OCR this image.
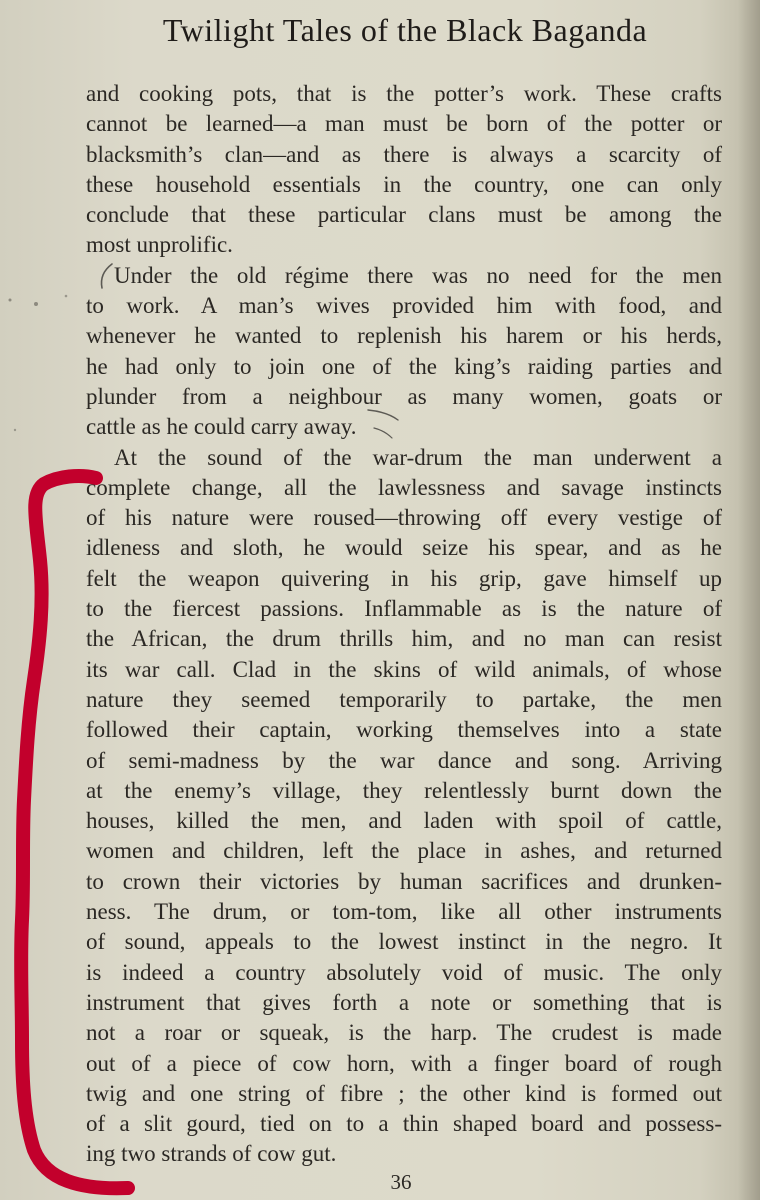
Twilight Tales of the Black Baganda
and cooking pots, that is the potter’s work. These crafts
cannot be learned—a man must be born of the potter or
blacksmith’s clan—and as there is always a scarcity of
these household essentials in the country, one can only
conclude that these particular clans must be among the
most unprolific.
Under the old régime there was no need for the men
to work. A man’s wives provided him with food, and
whenever he wanted to replenish his harem or his herds,
he had only to join one of the king’s raiding parties and
plunder from a neighbour as many women, goats or
cattle as he could carry away.
At the sound of the war-drum the man underwent a
complete change, all the lawlessness and savage instincts
of his nature were roused—throwing off every vestige of
idleness and sloth, he would seize his spear, and as he
felt the weapon quivering in his grip, gave himself up
to the fiercest passions. Inflammable as is the nature of
the African, the drum thrills him, and no man can resist
its war call. Clad in the skins of wild animals, of whose
nature they seemed temporarily to partake, the men
followed their captain, working themselves into a state
of semi-madness by the war dance and song. Arriving
at the enemy’s village, they relentlessly burnt down the
houses, killed the men, and laden with spoil of cattle,
women and children, left the place in ashes, and returned
to crown their victories by human sacrifices and drunken-
ness. The drum, or tom-tom, like all other instruments
of sound, appeals to the lowest instinct in the negro. It
is indeed a country absolutely void of music. The only
instrument that gives forth a note or something that is
not a roar or squeak, is the harp. The crudest is made
out of a piece of cow horn, with a finger board of rough
twig and one string of fibre ; the other kind is formed out
of a slit gourd, tied on to a thin shaped board and possess-
ing two strands of cow gut.
36
